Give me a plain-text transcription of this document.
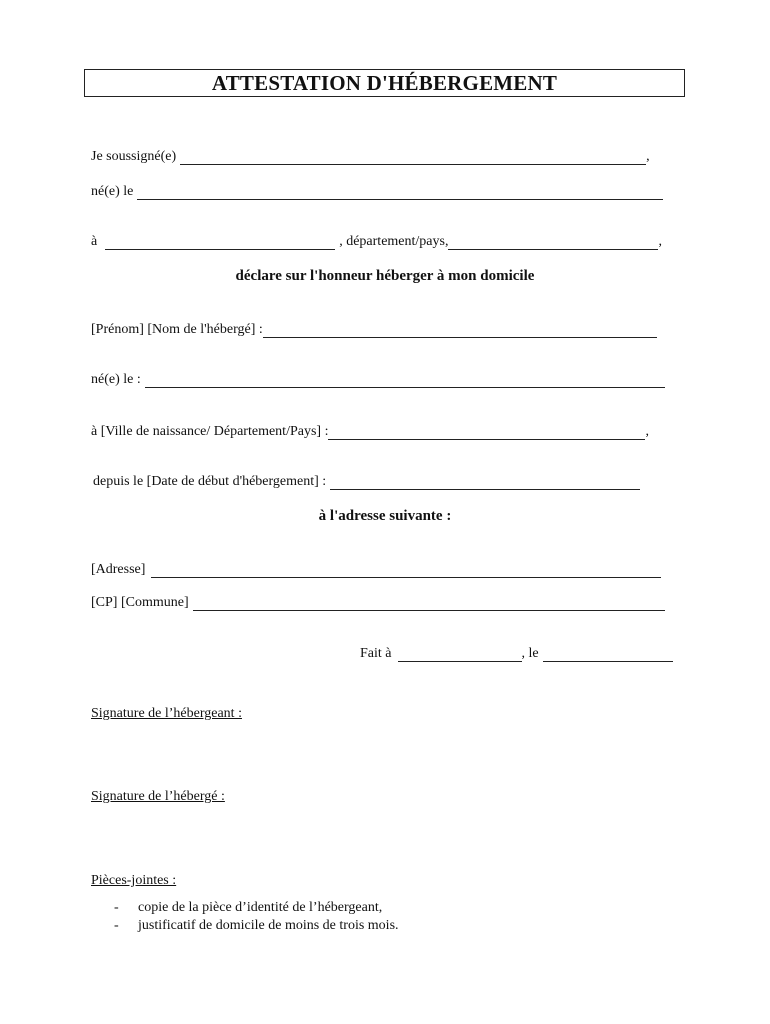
ATTESTATION D'HÉBERGEMENT
Je soussigné(e)	,
né(e) le
à	, département/pays,	,
déclare sur l'honneur héberger à mon domicile
[Prénom] [Nom de l'hébergé] :
né(e) le :
à [Ville de naissance/ Département/Pays] :	,
depuis le [Date de début d'hébergement] :
à l'adresse suivante :
[Adresse]
[CP] [Commune]
Fait à	, le
Signature de l’hébergeant :
Signature de l’hébergé :
Pièces-jointes :
-	copie de la pièce d’identité de l’hébergeant,
-	justificatif de domicile de moins de trois mois.
